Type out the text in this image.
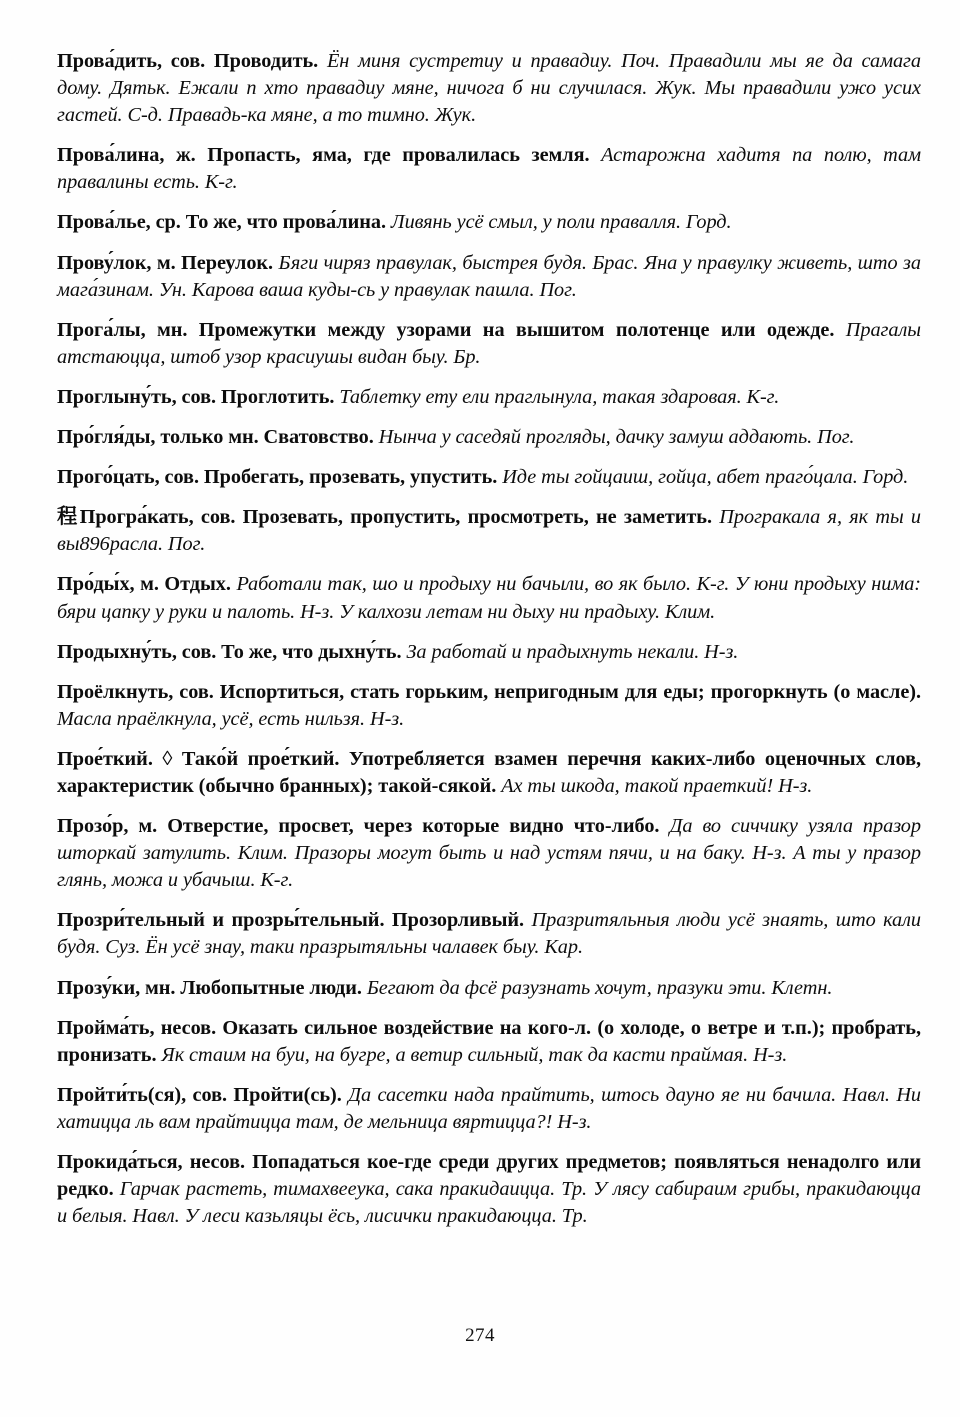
Прова́дить, сов. Проводить. Ён миня сустретиу и правадиу. Поч. Правадили мы яе да самага дому. Дятьк. Ежали п хто правадиу мяне, ничога б ни случилася. Жук. Мы правадили ужо усих гастей. С-д. Правадь-ка мяне, а то тимно. Жук.

Прова́лина, ж. Пропасть, яма, где провалилась земля. Астарожна хадитя па полю, там правалины есть. К-г.

Прова́лье, ср. То же, что прова́лина. Ливянь усё смыл, у поли правалля. Горд.

Прову́лок, м. Переулок. Бяги чиряз правулак, быстрея будя. Брас. Яна у правулку живеть, што за мага́зинам. Ун. Карова ваша куды-сь у правулак пашла. Пог.

Прога́лы, мн. Промежутки между узорами на вышитом полотенце или одежде. Прагалы атстаюцца, штоб узор красиушы видан быу. Бр.

Проглыну́ть, сов. Проглотить. Таблетку ету ели праглынула, такая здаровая. К-г.

Про́гля́ды, только мн. Сватовство. Нынча у саседяй прогляды, дачку замуш аддають. Пог.

Прого́цать, сов. Пробегать, прозевать, упустить. Иде ты гойцаиш, гойца, абет праго́цала. Горд.

程Програ́кать, сов. Прозевать, пропустить, просмотреть, не заметить. Програкала я, як ты и вы896расла. Пог.

Про́ды́х, м. Отдых. Работали так, шо и продыху ни бачыли, во як было. К-г. У юни продыху нима: бяри цапку у руки и палоть. Н-з. У калхози летам ни дыху ни прадыху. Клим.

Продыхну́ть, сов. То же, что дыхну́ть. За работай и прадыхнуть некали. Н-з.

Проёлкнуть, сов. Испортиться, стать горьким, непригодным для еды; прогоркнуть (о масле). Масла праёлкнула, усё, есть нильзя. Н-з.

Прое́ткий. ◊ Тако́й прое́ткий. Употребляется взамен перечня каких-либо оценочных слов, характеристик (обычно бранных); такой-сякой. Ах ты шкода, такой праеткий! Н-з.

Прозо́р, м. Отверстие, просвет, через которые видно что-либо. Да во сиччику узяла празор шторкай затулить. Клим. Празоры могут быть и над устям пячи, и на баку. Н-з. А ты у празор глянь, можа и убачыш. К-г.

Прозри́тельный и прозры́тельный. Прозорливый. Празритяльныя люди усё знаять, што кали будя. Суз. Ён усё знау, таки празрытяльны чалавек быу. Кар.

Прозу́ки, мн. Любопытные люди. Бегают да фсё разузнать хочут, празуки эти. Клетн.

Пройма́ть, несов. Оказать сильное воздействие на кого-л. (о холоде, о ветре и т.п.); пробрать, пронизать. Як стаим на буи, на бугре, а ветир сильный, так да касти праймая. Н-з.

Пройти́ть(ся), сов. Пройти(сь). Да сасетки нада прайтить, штось дауно яе ни бачила. Навл. Ни хатицца ль вам прайтицца там, де мельница вяртицца?! Н-з.

Прокида́ться, несов. Попадаться кое-где среди других предметов; появляться ненадолго или редко. Гарчак растеть, тимахвееука, сака пракидаицца. Тр. У лясу сабираим грибы, пракидаюцца и белыя. Навл. У леси казьляцы ёсь, лисички пракидаюцца. Тр.

274
